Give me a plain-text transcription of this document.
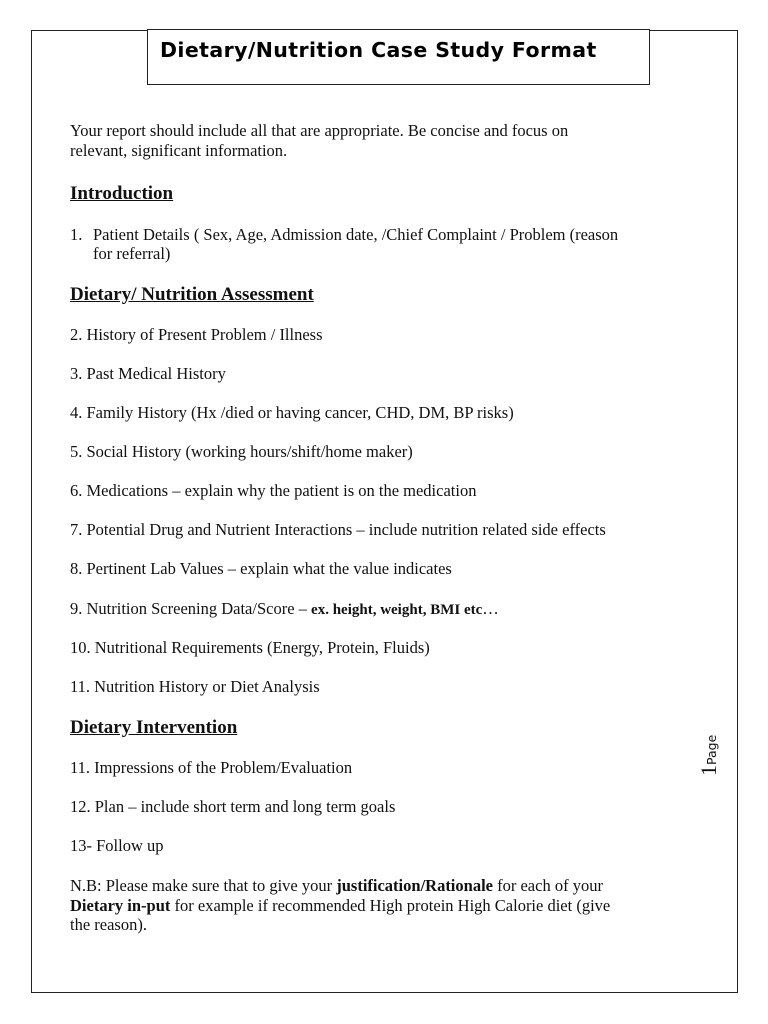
Dietary/Nutrition Case Study Format
Your report should include all that are appropriate. Be concise and focus on
relevant, significant information.
Introduction
1. Patient Details ( Sex, Age, Admission date, /Chief Complaint / Problem (reason
for referral)
Dietary/ Nutrition Assessment
2. History of Present Problem / Illness
3. Past Medical History
4. Family History (Hx /died or having cancer, CHD, DM, BP risks)
5. Social History (working hours/shift/home maker)
6. Medications – explain why the patient is on the medication
7. Potential Drug and Nutrient Interactions – include nutrition related side effects
8. Pertinent Lab Values – explain what the value indicates
9. Nutrition Screening Data/Score – ex. height, weight, BMI etc…
10. Nutritional Requirements (Energy, Protein, Fluids)
11. Nutrition History or Diet Analysis
Dietary Intervention
11. Impressions of the Problem/Evaluation
12. Plan – include short term and long term goals
13- Follow up
N.B: Please make sure that to give your justification/Rationale for each of your
Dietary in-put for example if recommended High protein High Calorie diet (give
the reason).
1Page
